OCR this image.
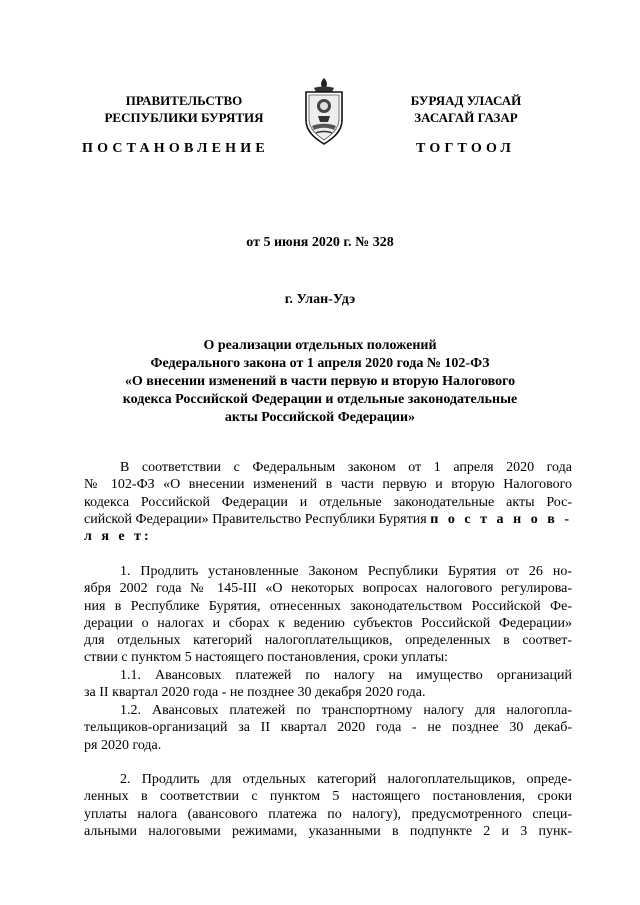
ПРАВИТЕЛЬСТВО
РЕСПУБЛИКИ БУРЯТИЯ
БУРЯАД УЛАСАЙ
ЗАСАГАЙ ГАЗАР
ПОСТАНОВЛЕНИЕ	ТОГТООЛ
от 5 июня 2020 г. № 328
г. Улан-Удэ
О реализации отдельных положений
Федерального закона от 1 апреля 2020 года № 102-ФЗ
«О внесении изменений в части первую и вторую Налогового
кодекса Российской Федерации и отдельные законодательные
акты Российской Федерации»
В соответствии с Федеральным законом от 1 апреля 2020 года
№ 102-ФЗ «О внесении изменений в части первую и вторую Налогового
кодекса Российской Федерации и отдельные законодательные акты Рос-
сийской Федерации» Правительство Республики Бурятия п о с т а н о в -
л я е т:
1. Продлить установленные Законом Республики Бурятия от 26 но-
ября 2002 года № 145-III «О некоторых вопросах налогового регулирова-
ния в Республике Бурятия, отнесенных законодательством Российской Фе-
дерации о налогах и сборах к ведению субъектов Российской Федерации»
для отдельных категорий налогоплательщиков, определенных в соответ-
ствии с пунктом 5 настоящего постановления, сроки уплаты:
1.1. Авансовых платежей по налогу на имущество организаций
за II квартал 2020 года - не позднее 30 декабря 2020 года.
1.2. Авансовых платежей по транспортному налогу для налогопла-
тельщиков-организаций за II квартал 2020 года - не позднее 30 декаб-
ря 2020 года.
2. Продлить для отдельных категорий налогоплательщиков, опреде-
ленных в соответствии с пунктом 5 настоящего постановления, сроки
уплаты налога (авансового платежа по налогу), предусмотренного специ-
альными налоговыми режимами, указанными в подпункте 2 и 3 пунк-
